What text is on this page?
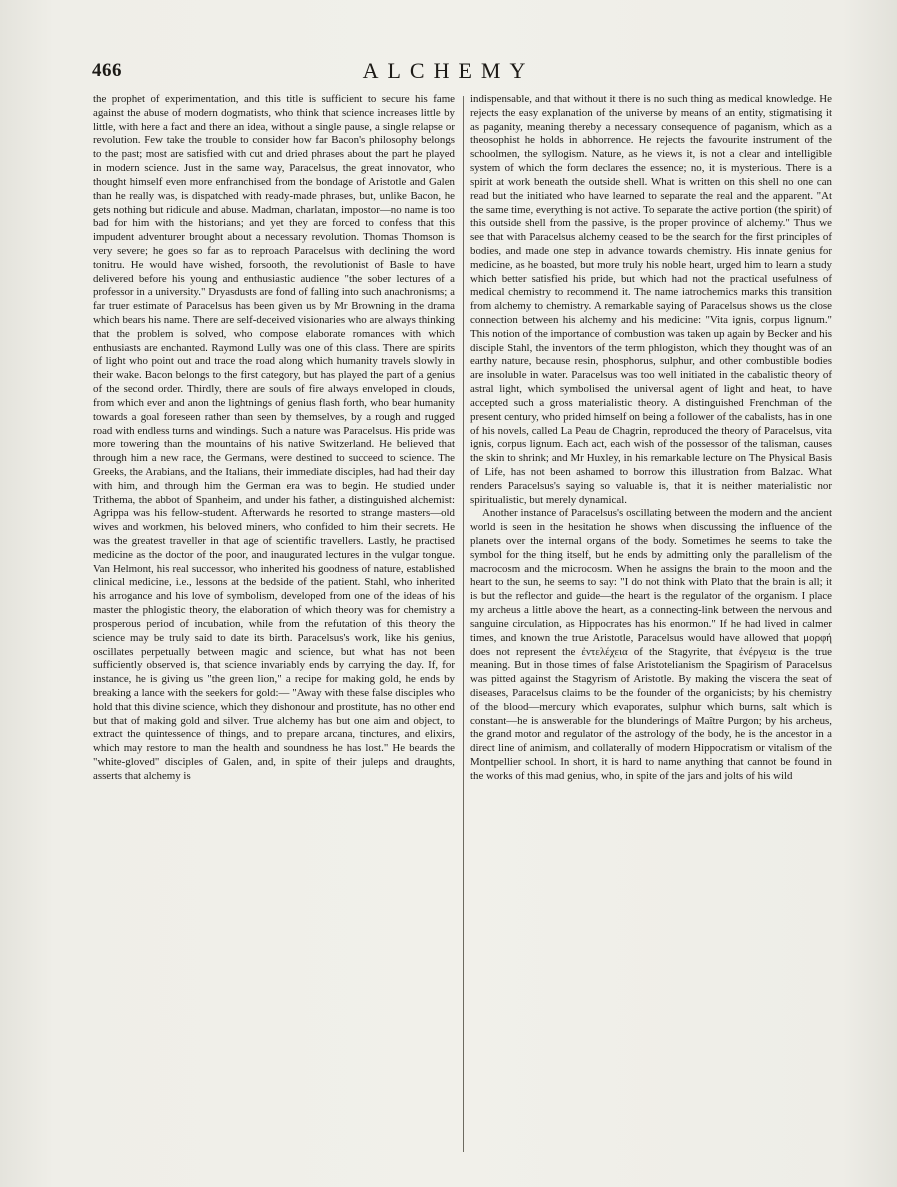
466	ALCHEMY

the prophet of experimentation, and this title is sufficient to secure his fame against the abuse of modern dogmatists, who think that science increases little by little, with here a fact and there an idea, without a single pause, a single relapse or revolution. Few take the trouble to consider how far Bacon's philosophy belongs to the past; most are satisfied with cut and dried phrases about the part he played in modern science. Just in the same way, Paracelsus, the great innovator, who thought himself even more enfranchised from the bondage of Aristotle and Galen than he really was, is dispatched with ready-made phrases, but, unlike Bacon, he gets nothing but ridicule and abuse. Madman, charlatan, impostor—no name is too bad for him with the historians; and yet they are forced to confess that this impudent adventurer brought about a necessary revolution. Thomas Thomson is very severe; he goes so far as to reproach Paracelsus with declining the word tonitru. He would have wished, forsooth, the revolutionist of Basle to have delivered before his young and enthusiastic audience "the sober lectures of a professor in a university." Dryasdusts are fond of falling into such anachronisms; a far truer estimate of Paracelsus has been given us by Mr Browning in the drama which bears his name. There are self-deceived visionaries who are always thinking that the problem is solved, who compose elaborate romances with which enthusiasts are enchanted. Raymond Lully was one of this class. There are spirits of light who point out and trace the road along which humanity travels slowly in their wake. Bacon belongs to the first category, but has played the part of a genius of the second order. Thirdly, there are souls of fire always enveloped in clouds, from which ever and anon the lightnings of genius flash forth, who bear humanity towards a goal foreseen rather than seen by themselves, by a rough and rugged road with endless turns and windings. Such a nature was Paracelsus. His pride was more towering than the mountains of his native Switzerland. He believed that through him a new race, the Germans, were destined to succeed to science. The Greeks, the Arabians, and the Italians, their immediate disciples, had had their day with him, and through him the German era was to begin. He studied under Trithema, the abbot of Spanheim, and under his father, a distinguished alchemist: Agrippa was his fellow-student. Afterwards he resorted to strange masters—old wives and workmen, his beloved miners, who confided to him their secrets. He was the greatest traveller in that age of scientific travellers. Lastly, he practised medicine as the doctor of the poor, and inaugurated lectures in the vulgar tongue. Van Helmont, his real successor, who inherited his goodness of nature, established clinical medicine, i.e., lessons at the bedside of the patient. Stahl, who inherited his arrogance and his love of symbolism, developed from one of the ideas of his master the phlogistic theory, the elaboration of which theory was for chemistry a prosperous period of incubation, while from the refutation of this theory the science may be truly said to date its birth. Paracelsus's work, like his genius, oscillates perpetually between magic and science, but what has not been sufficiently observed is, that science invariably ends by carrying the day. If, for instance, he is giving us "the green lion," a recipe for making gold, he ends by breaking a lance with the seekers for gold:— "Away with these false disciples who hold that this divine science, which they dishonour and prostitute, has no other end but that of making gold and silver. True alchemy has but one aim and object, to extract the quintessence of things, and to prepare arcana, tinctures, and elixirs, which may restore to man the health and soundness he has lost." He beards the "white-gloved" disciples of Galen, and, in spite of their juleps and draughts, asserts that alchemy is

indispensable, and that without it there is no such thing as medical knowledge. He rejects the easy explanation of the universe by means of an entity, stigmatising it as paganity, meaning thereby a necessary consequence of paganism, which as a theosophist he holds in abhorrence. He rejects the favourite instrument of the schoolmen, the syllogism. Nature, as he views it, is not a clear and intelligible system of which the form declares the essence; no, it is mysterious. There is a spirit at work beneath the outside shell. What is written on this shell no one can read but the initiated who have learned to separate the real and the apparent. "At the same time, everything is not active. To separate the active portion (the spirit) of this outside shell from the passive, is the proper province of alchemy." Thus we see that with Paracelsus alchemy ceased to be the search for the first principles of bodies, and made one step in advance towards chemistry. His innate genius for medicine, as he boasted, but more truly his noble heart, urged him to learn a study which better satisfied his pride, but which had not the practical usefulness of medical chemistry to recommend it. The name iatrochemics marks this transition from alchemy to chemistry. A remarkable saying of Paracelsus shows us the close connection between his alchemy and his medicine: "Vita ignis, corpus lignum." This notion of the importance of combustion was taken up again by Becker and his disciple Stahl, the inventors of the term phlogiston, which they thought was of an earthy nature, because resin, phosphorus, sulphur, and other combustible bodies are insoluble in water. Paracelsus was too well initiated in the cabalistic theory of astral light, which symbolised the universal agent of light and heat, to have accepted such a gross materialistic theory. A distinguished Frenchman of the present century, who prided himself on being a follower of the cabalists, has in one of his novels, called La Peau de Chagrin, reproduced the theory of Paracelsus, vita ignis, corpus lignum. Each act, each wish of the possessor of the talisman, causes the skin to shrink; and Mr Huxley, in his remarkable lecture on The Physical Basis of Life, has not been ashamed to borrow this illustration from Balzac. What renders Paracelsus's saying so valuable is, that it is neither materialistic nor spiritualistic, but merely dynamical.

Another instance of Paracelsus's oscillating between the modern and the ancient world is seen in the hesitation he shows when discussing the influence of the planets over the internal organs of the body. Sometimes he seems to take the symbol for the thing itself, but he ends by admitting only the parallelism of the macrocosm and the microcosm. When he assigns the brain to the moon and the heart to the sun, he seems to say: "I do not think with Plato that the brain is all; it is but the reflector and guide—the heart is the regulator of the organism. I place my archeus a little above the heart, as a connecting-link between the nervous and sanguine circulation, as Hippocrates has his enormon." If he had lived in calmer times, and known the true Aristotle, Paracelsus would have allowed that μορφή does not represent the ἐντελέχεια of the Stagyrite, that ἐνέργεια is the true meaning. But in those times of false Aristotelianism the Spagirism of Paracelsus was pitted against the Stagyrism of Aristotle. By making the viscera the seat of diseases, Paracelsus claims to be the founder of the organicists; by his chemistry of the blood—mercury which evaporates, sulphur which burns, salt which is constant—he is answerable for the blunderings of Maître Purgon; by his archeus, the grand motor and regulator of the astrology of the body, he is the ancestor in a direct line of animism, and collaterally of modern Hippocratism or vitalism of the Montpellier school. In short, it is hard to name anything that cannot be found in the works of this mad genius, who, in spite of the jars and jolts of his wild
